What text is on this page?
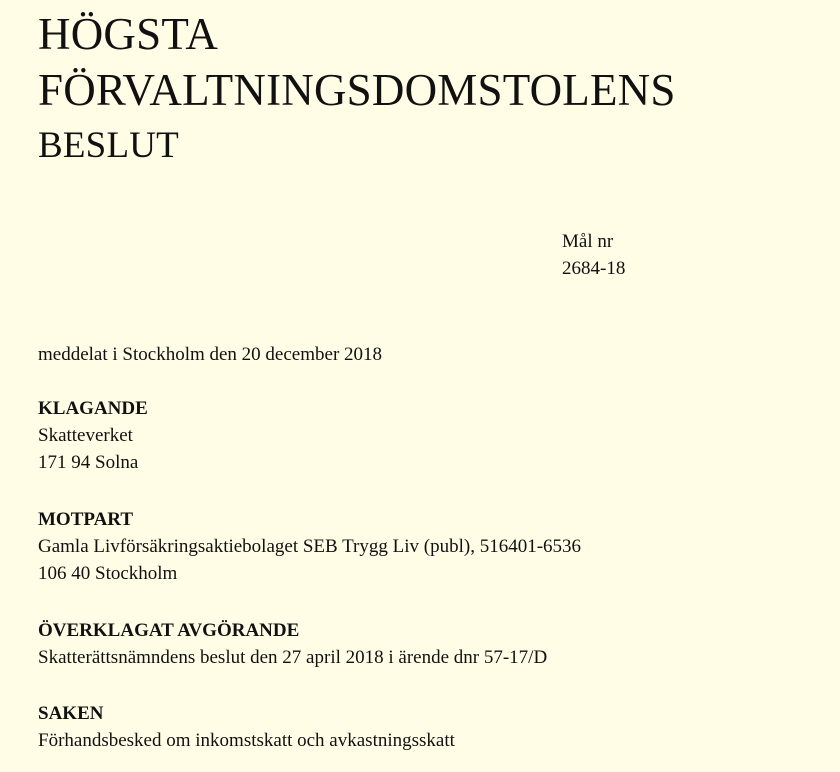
HÖGSTA
FÖRVALTNINGSDOMSTOLENS
BESLUT
Mål nr
2684-18
meddelat i Stockholm den 20 december 2018
KLAGANDE
Skatteverket
171 94 Solna
MOTPART
Gamla Livförsäkringsaktiebolaget SEB Trygg Liv (publ), 516401-6536
106 40 Stockholm
ÖVERKLAGAT AVGÖRANDE
Skatterättsnämndens beslut den 27 april 2018 i ärende dnr 57-17/D
SAKEN
Förhandsbesked om inkomstskatt och avkastningsskatt
